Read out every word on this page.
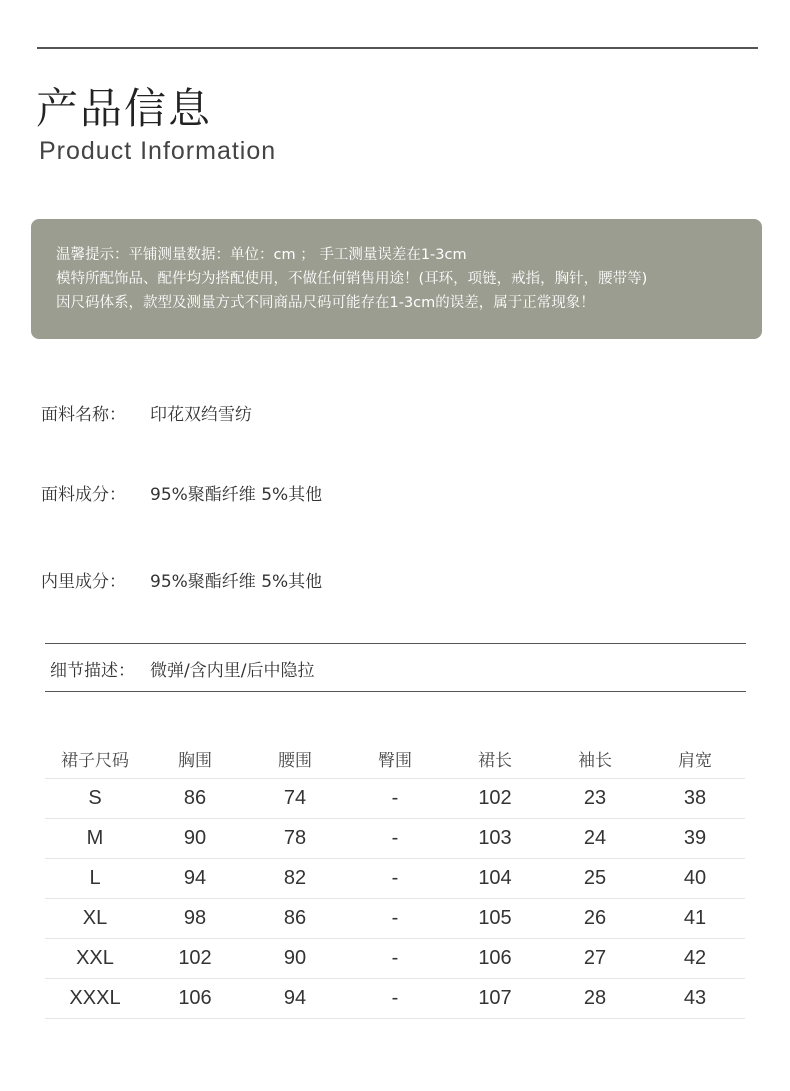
产品信息
Product Information
温馨提示：平铺测量数据：单位：cm ； 手工测量误差在1-3cm
模特所配饰品、配件均为搭配使用，不做任何销售用途！(耳环，项链，戒指，胸针，腰带等)
因尺码体系，款型及测量方式不同商品尺码可能存在1-3cm的误差，属于正常现象！
面料名称： 印花双绉雪纺
面料成分： 95%聚酯纤维 5%其他
内里成分： 95%聚酯纤维 5%其他
细节描述： 微弹/含内里/后中隐拉
裙子尺码	胸围	腰围	臀围	裙长	袖长	肩宽
S	86	74	-	102	23	38
M	90	78	-	103	24	39
L	94	82	-	104	25	40
XL	98	86	-	105	26	41
XXL	102	90	-	106	27	42
XXXL	106	94	-	107	28	43
